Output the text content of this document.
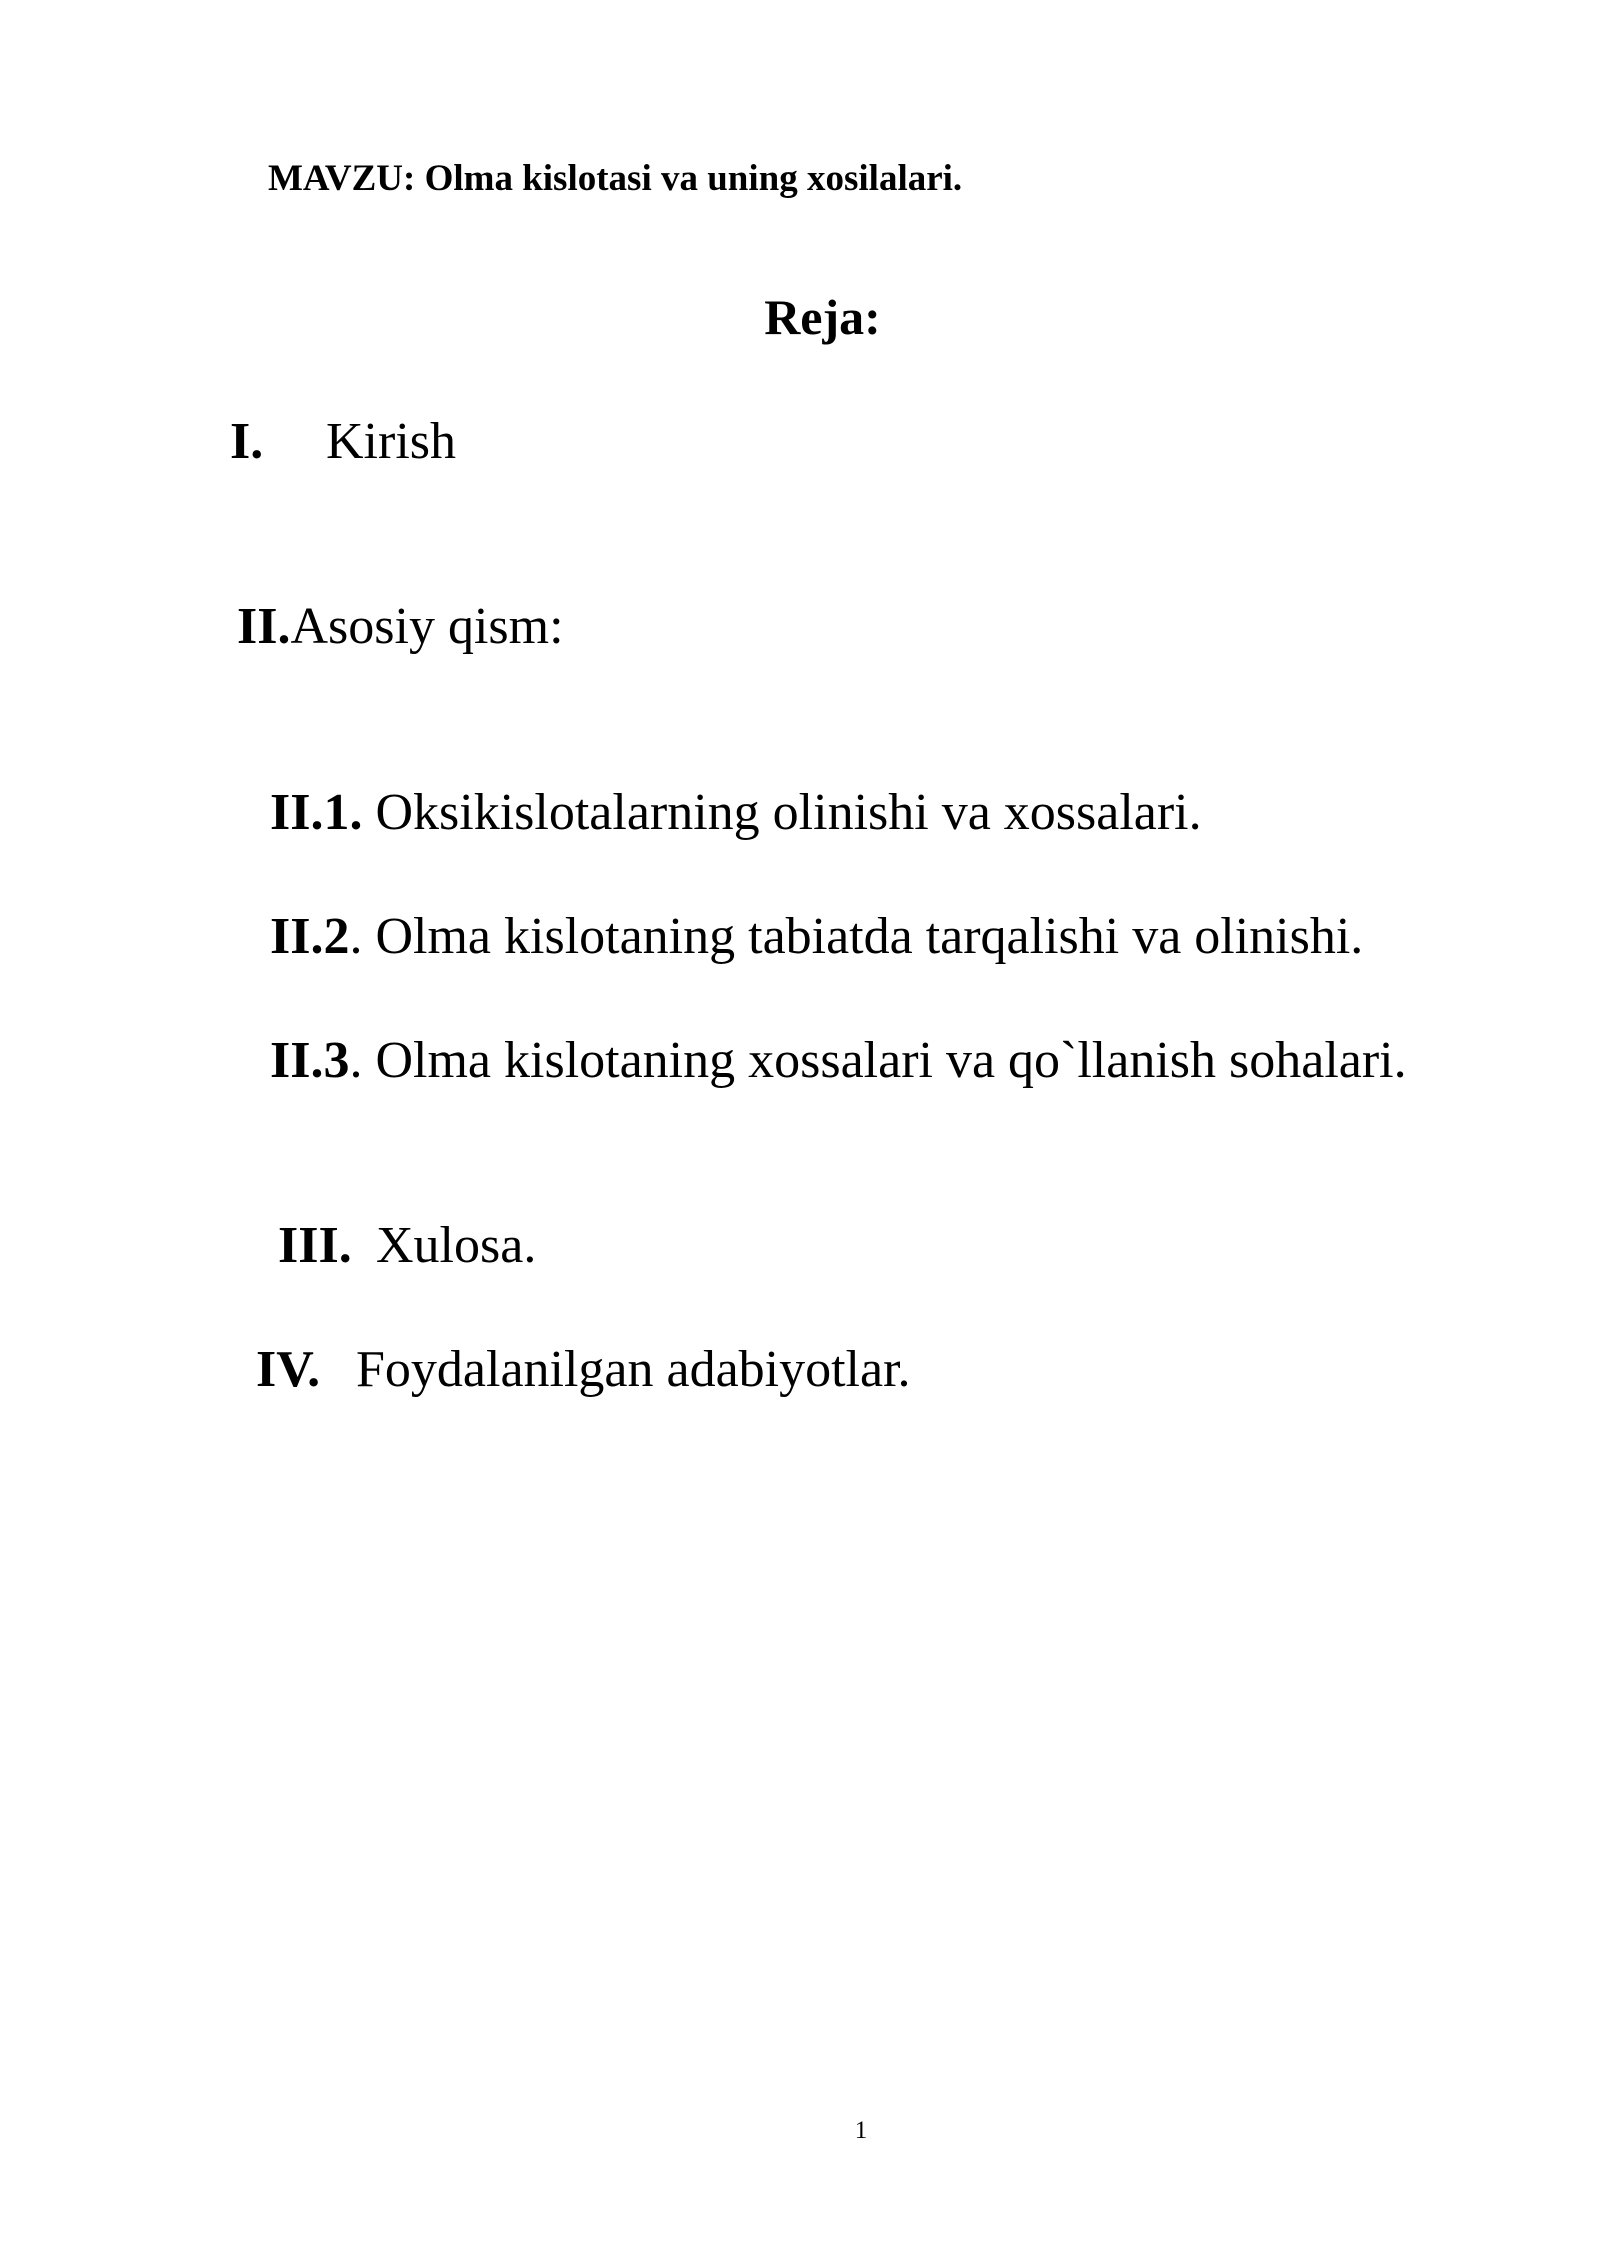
MAVZU: Olma kislotasi va uning xosilalari.
Reja:
I. Kirish
II.Asosiy qism:
II.1. Oksikislotalarning olinishi va xossalari.
II.2. Olma kislotaning tabiatda tarqalishi va olinishi.
II.3. Olma kislotaning xossalari va qo`llanish sohalari.
III. Xulosa.
IV. Foydalanilgan adabiyotlar.
1
